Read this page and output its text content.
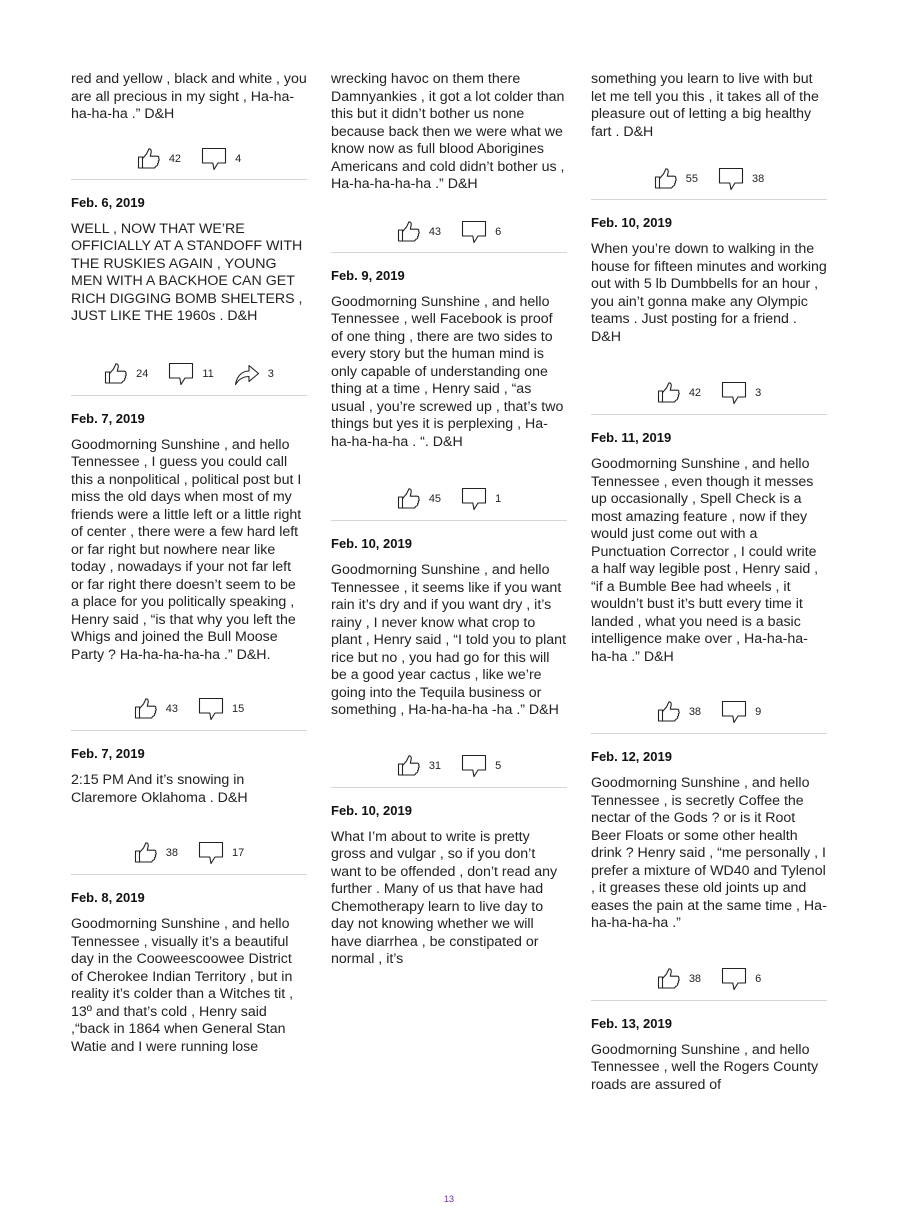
red and yellow , black and white , you are all precious in my sight , Ha-ha-ha-ha-ha .” D&H
42	4
Feb. 6, 2019
WELL , NOW THAT WE’RE OFFICIALLY AT A STANDOFF WITH THE RUSKIES AGAIN , YOUNG MEN WITH A BACKHOE CAN GET RICH DIGGING BOMB SHELTERS , JUST LIKE THE 1960s . D&H
24	11	3
Feb. 7, 2019
Goodmorning Sunshine , and hello Tennessee , I guess you could call this a nonpolitical , political post but I miss the old days when most of my friends were a little left or a little right of center , there were a few hard left or far right but nowhere near like today , nowadays if your not far left or far right there doesn’t seem to be a place for you politically speaking , Henry said , “is that why you left the Whigs and joined the Bull Moose Party ? Ha-ha-ha-ha-ha .” D&H.
43	15
Feb. 7, 2019
2:15 PM And it’s snowing in Claremore Oklahoma . D&H
38	17
Feb. 8, 2019
Goodmorning Sunshine , and hello Tennessee , visually it’s a beautiful day in the Cooweescoowee District of Cherokee Indian Territory , but in reality it’s colder than a Witches tit , 13º and that’s cold , Henry said ,“back in 1864 when General Stan Watie and I were running lose
wrecking havoc on them there Damnyankies , it got a lot colder than this but it didn’t bother us none because back then we were what we know now as full blood Aborigines Americans and cold didn’t bother us , Ha-ha-ha-ha-ha .” D&H
43	6
Feb. 9, 2019
Goodmorning Sunshine , and hello Tennessee , well Facebook is proof of one thing , there are two sides to every story but the human mind is only capable of understanding one thing at a time , Henry said , “as usual , you’re screwed up , that’s two things but yes it is perplexing , Ha-ha-ha-ha-ha . “. D&H
45	1
Feb. 10, 2019
Goodmorning Sunshine , and hello Tennessee , it seems like if you want rain it’s dry and if you want dry , it’s rainy , I never know what crop to plant , Henry said , “I told you to plant rice but no , you had go for this will be a good year cactus , like we’re going into the Tequila business or something , Ha-ha-ha-ha -ha .” D&H
31	5
Feb. 10, 2019
What I’m about to write is pretty gross and vulgar , so if you don’t want to be offended , don’t read any further . Many of us that have had Chemotherapy learn to live day to day not knowing whether we will have diarrhea , be constipated or normal , it’s
something you learn to live with but let me tell you this , it takes all of the pleasure out of letting a big healthy fart . D&H
55	38
Feb. 10, 2019
When you’re down to walking in the house for fifteen minutes and working out with 5 lb Dumbbells for an hour , you ain’t gonna make any Olympic teams . Just posting for a friend . D&H
42	3
Feb. 11, 2019
Goodmorning Sunshine , and hello Tennessee , even though it messes up occasionally , Spell Check is a most amazing feature , now if they would just come out with a Punctuation Corrector , I could write a half way legible post , Henry said , “if a Bumble Bee had wheels , it wouldn’t bust it’s butt every time it landed , what you need is a basic intelligence make over , Ha-ha-ha-ha-ha .” D&H
38	9
Feb. 12, 2019
Goodmorning Sunshine , and hello Tennessee , is secretly Coffee the nectar of the Gods ? or is it Root Beer Floats or some other health drink ? Henry said , “me personally , I prefer a mixture of WD40 and Tylenol , it greases these old joints up and eases the pain at the same time , Ha-ha-ha-ha-ha .”
38	6
Feb. 13, 2019
Goodmorning Sunshine , and hello Tennessee , well the Rogers County roads are assured of
13
